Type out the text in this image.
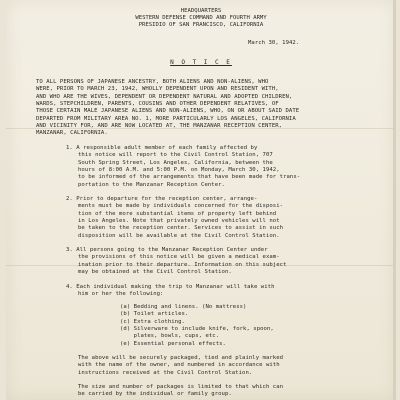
HEADQUARTERS
WESTERN DEFENSE COMMAND AND FOURTH ARMY
PRESIDIO OF SAN FRANCISCO, CALIFORNIA
March 30, 1942.
N O T I C E
TO ALL PERSONS OF JAPANESE ANCESTRY, BOTH ALIENS AND NON-ALIENS, WHO
WERE, PRIOR TO MARCH 23, 1942, WHOLLY DEPENDENT UPON AND RESIDENT WITH,
AND WHO ARE THE WIVES, DEPENDENT OR DEPENDENT NATURAL AND ADOPTED CHILDREN,
WARDS, STEPCHILDREN, PARENTS, COUSINS AND OTHER DEPENDENT RELATIVES, OF
THOSE CERTAIN MALE JAPANESE ALIENS AND NON-ALIENS, WHO, ON OR ABOUT SAID DATE
DEPARTED FROM MILITARY AREA NO. 1, MORE PARTICULARLY LOS ANGELES, CALIFORNIA
AND VICINITY FOR, AND ARE NOW LOCATED AT, THE MANZANAR RECEPTION CENTER,
MANZANAR, CALIFORNIA.
1. A responsible adult member of each family affected by
this notice will report to the Civil Control Station, 707
South Spring Street, Los Angeles, California, between the
hours of 8:00 A.M. and 5:00 P.M. on Monday, March 30, 1942,
to be informed of the arrangements that have been made for trans-
portation to the Manzanar Reception Center.
2. Prior to departure for the reception center, arrange-
ments must be made by individuals concerned for the disposi-
tion of the more substantial items of property left behind
in Los Angeles. Note that privately owned vehicles will not
be taken to the reception center. Services to assist in such
disposition will be available at the Civil Control Station.
3. All persons going to the Manzanar Reception Center under
the provisions of this notice will be given a medical exam-
ination prior to their departure. Information on this subject
may be obtained at the Civil Control Station.
4. Each individual making the trip to Manzanar will take with
him or her the following:
(a) Bedding and linens. (No mattress)
(b) Toilet articles.
(c) Extra clothing.
(d) Silverware to include knife, fork, spoon,
plates, bowls, cups, etc.
(e) Essential personal effects.
The above will be securely packaged, tied and plainly marked
with the name of the owner, and numbered in accordance with
instructions received at the Civil Control Station.
The size and number of packages is limited to that which can
be carried by the individual or family group.
